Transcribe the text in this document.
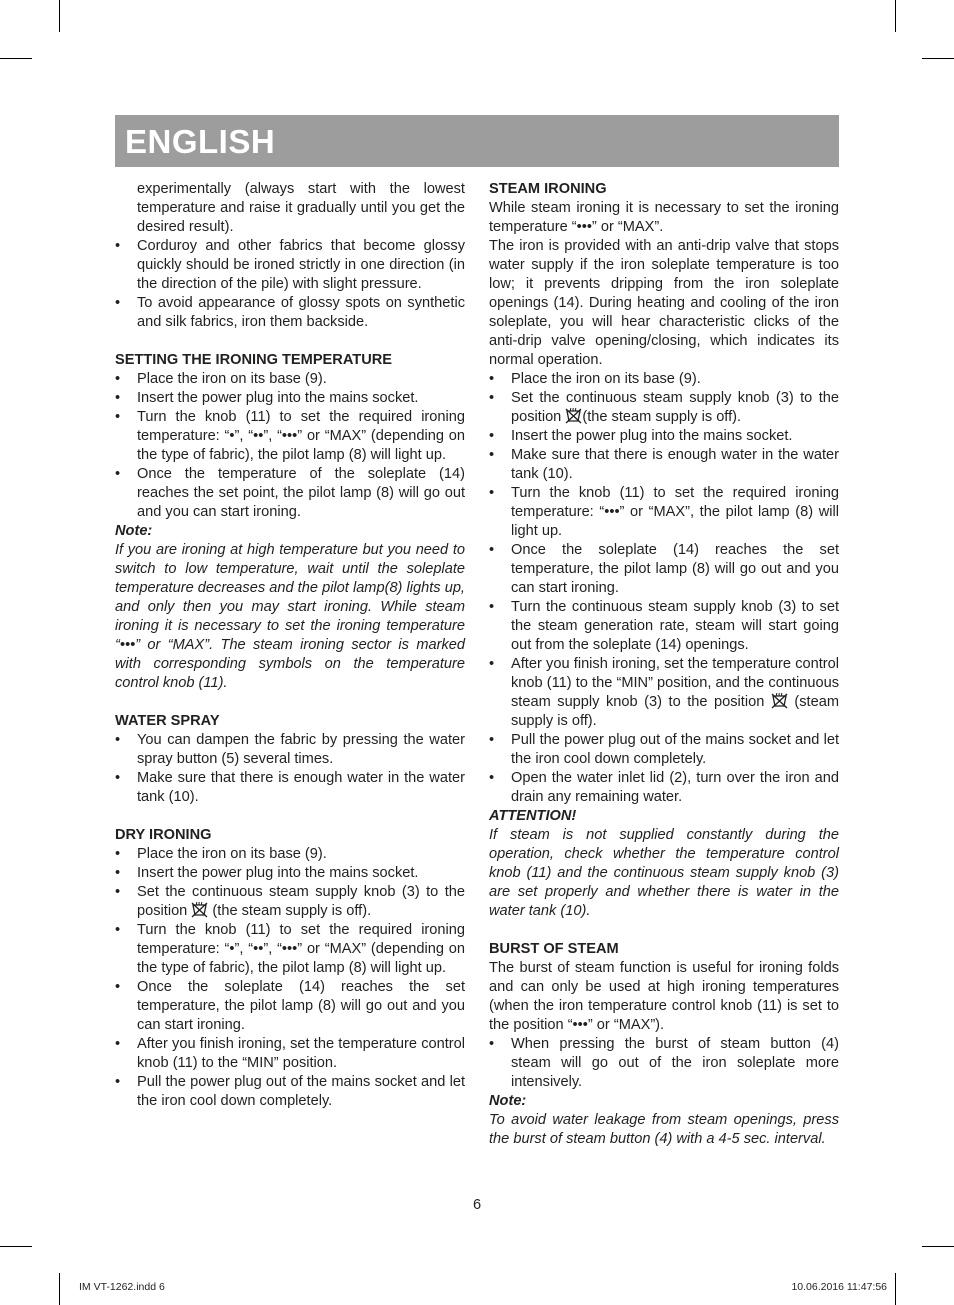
ENGLISH

experimentally (always start with the lowest temperature and raise it gradually until you get the desired result).

• Corduroy and other fabrics that become glossy quickly should be ironed strictly in one direction (in the direction of the pile) with slight pressure.
• To avoid appearance of glossy spots on synthetic and silk fabrics, iron them backside.
SETTING THE IRONING TEMPERATURE
• Place the iron on its base (9).
• Insert the power plug into the mains socket.
• Turn the knob (11) to set the required ironing temperature: “•”, “••”, “•••” or “MAX” (depending on the type of fabric), the pilot lamp (8) will light up.
• Once the temperature of the soleplate (14) reaches the set point, the pilot lamp (8) will go out and you can start ironing.

Note:

If you are ironing at high temperature but you need to switch to low temperature, wait until the soleplate temperature decreases and the pilot lamp(8) lights up, and only then you may start ironing. While steam ironing it is necessary to set the ironing temperature “•••” or “MAX”. The steam ironing sector is marked with corresponding symbols on the temperature control knob (11).

WATER SPRAY
• You can dampen the fabric by pressing the water spray button (5) several times.
• Make sure that there is enough water in the water tank (10).
DRY IRONING
• Place the iron on its base (9).
• Insert the power plug into the mains socket.
• Set the continuous steam supply knob (3) to the position  (the steam supply is off).
• Turn the knob (11) to set the required ironing temperature: “•”, “••”, “•••” or “MAX” (depending on the type of fabric), the pilot lamp (8) will light up.
• Once the soleplate (14) reaches the set temperature, the pilot lamp (8) will go out and you can start ironing.
• After you finish ironing, set the temperature control knob (11) to the “MIN” position.
• Pull the power plug out of the mains socket and let the iron cool down completely.
STEAM IRONING

While steam ironing it is necessary to set the ironing temperature “•••” or “MAX”.

The iron is provided with an anti-drip valve that stops water supply if the iron soleplate temperature is too low; it prevents dripping from the iron soleplate openings (14). During heating and cooling of the iron soleplate, you will hear characteristic clicks of the anti-drip valve opening/closing, which indicates its normal operation.

• Place the iron on its base (9).
• Set the continuous steam supply knob (3) to the position (the steam supply is off).
• Insert the power plug into the mains socket.
• Make sure that there is enough water in the water tank (10).
• Turn the knob (11) to set the required ironing temperature: “•••” or “MAX”, the pilot lamp (8) will light up.
• Once the soleplate (14) reaches the set temperature, the pilot lamp (8) will go out and you can start ironing.
• Turn the continuous steam supply knob (3) to set the steam generation rate, steam will start going out from the soleplate (14) openings.
• After you finish ironing, set the temperature control knob (11) to the “MIN” position, and the continuous steam supply knob (3) to the position  (steam supply is off).
• Pull the power plug out of the mains socket and let the iron cool down completely.
• Open the water inlet lid (2), turn over the iron and drain any remaining water.

ATTENTION!

If steam is not supplied constantly during the operation, check whether the temperature control knob (11) and the continuous steam supply knob (3) are set properly and whether there is water in the water tank (10).

BURST OF STEAM

The burst of steam function is useful for ironing folds and can only be used at high ironing temperatures (when the iron temperature control knob (11) is set to the position “•••” or “MAX”).

• When pressing the burst of steam button (4) steam will go out of the iron soleplate more intensively.

Note:

To avoid water leakage from steam openings, press the burst of steam button (4) with a 4-5 sec. interval.

6
IM VT-1262.indd 6	10.06.2016 11:47:56
